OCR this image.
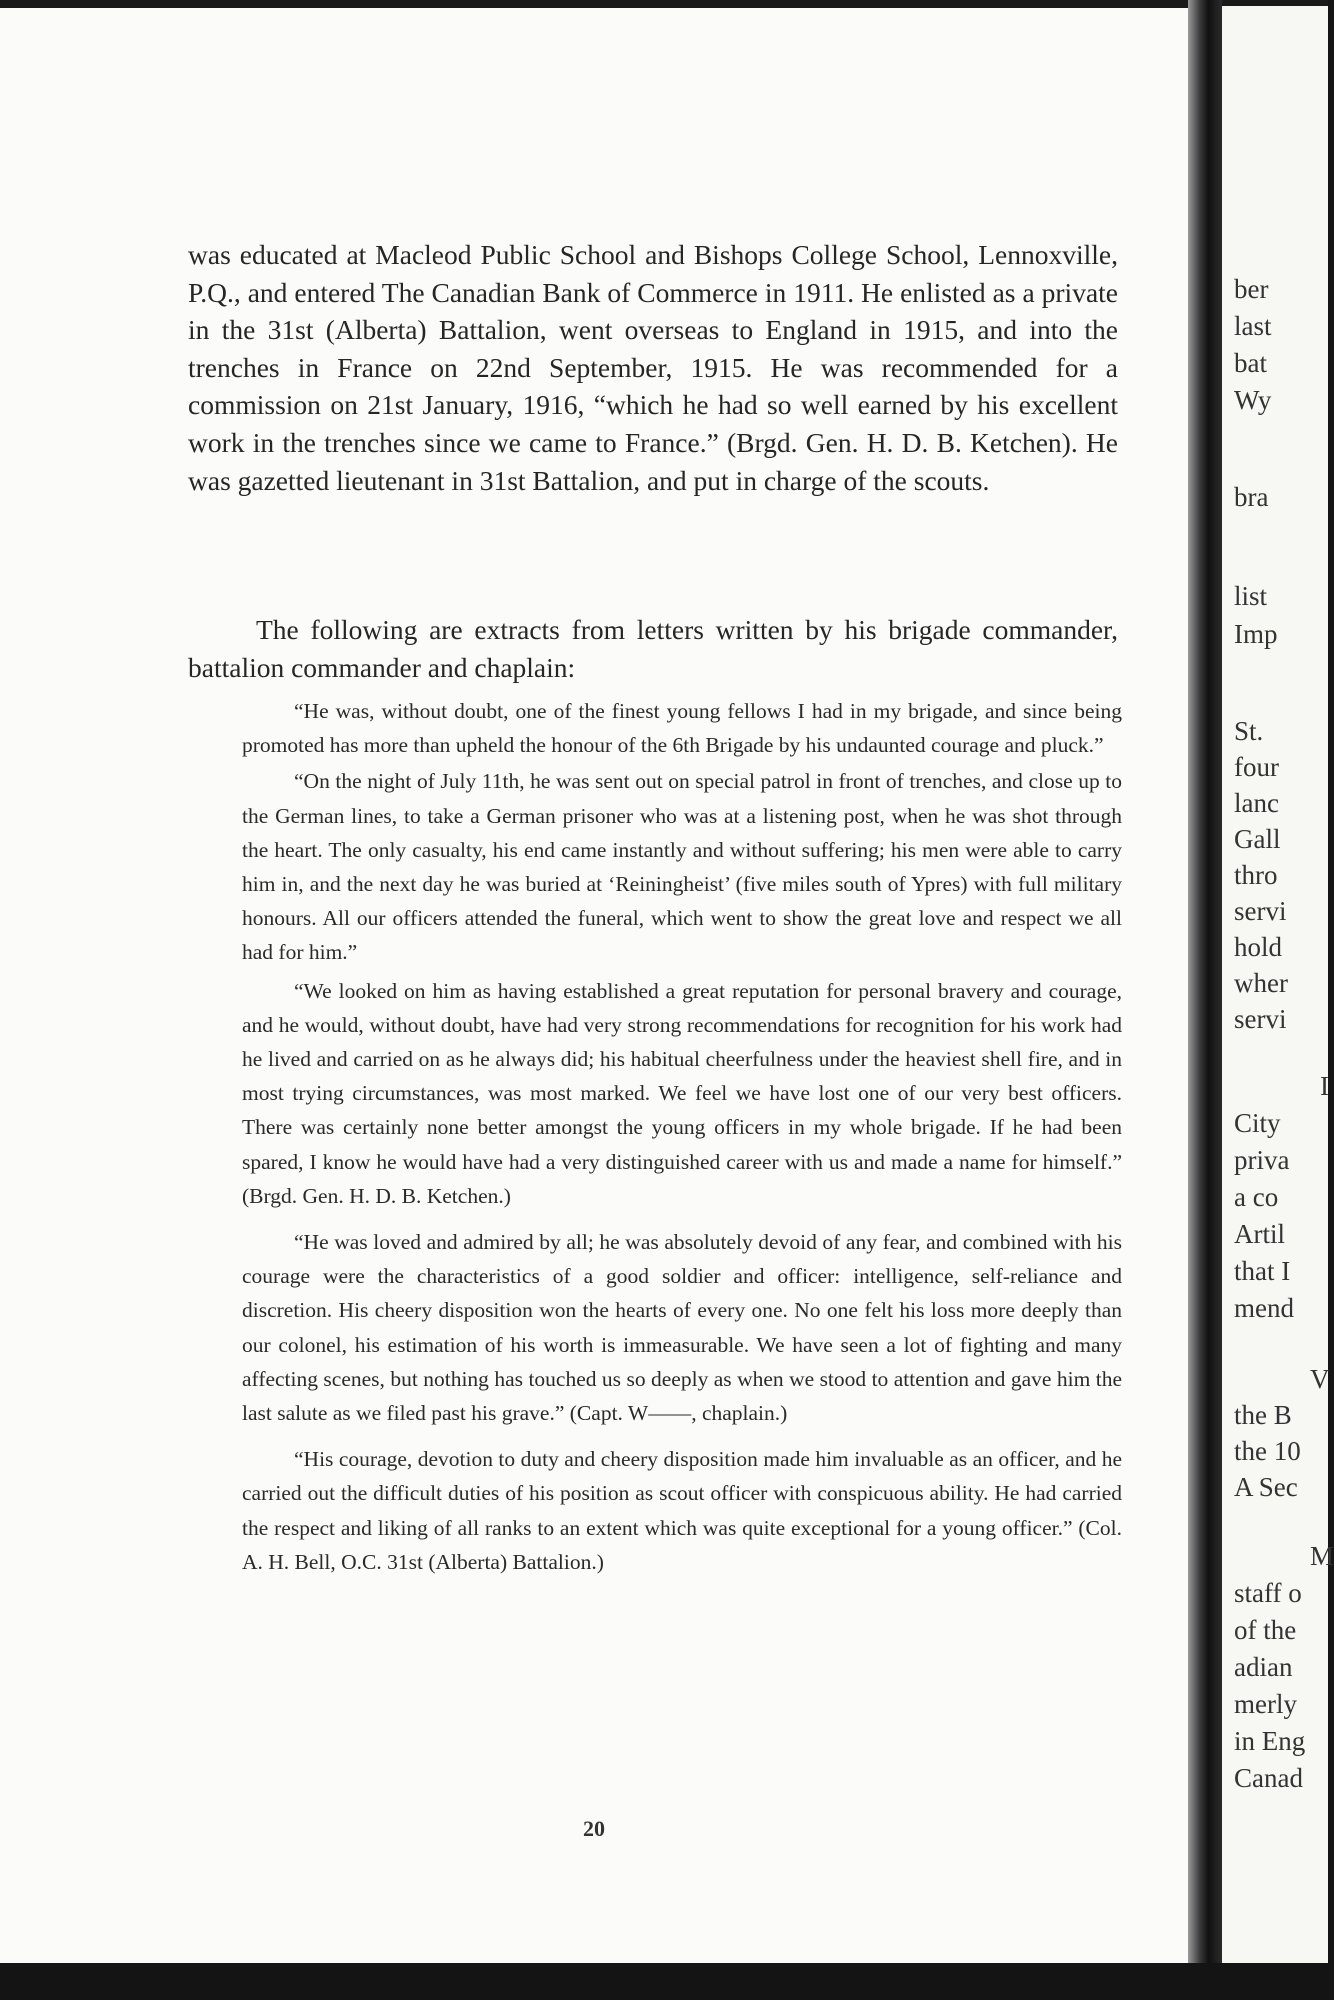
was educated at Macleod Public School and Bishops College School, Lennoxville, P.Q., and entered The Canadian Bank of Commerce in 1911. He enlisted as a private in the 31st (Alberta) Battalion, went overseas to England in 1915, and into the trenches in France on 22nd September, 1915. He was recommended for a commission on 21st January, 1916, “which he had so well earned by his excellent work in the trenches since we came to France.” (Brgd. Gen. H. D. B. Ketchen). He was gazetted lieutenant in 31st Battalion, and put in charge of the scouts.

The following are extracts from letters written by his brigade commander, battalion commander and chaplain:

“He was, without doubt, one of the finest young fellows I had in my brigade, and since being promoted has more than upheld the honour of the 6th Brigade by his undaunted courage and pluck.”

“On the night of July 11th, he was sent out on special patrol in front of trenches, and close up to the German lines, to take a German prisoner who was at a listening post, when he was shot through the heart. The only casualty, his end came instantly and without suffering; his men were able to carry him in, and the next day he was buried at ‘Reiningheist’ (five miles south of Ypres) with full military honours. All our officers attended the funeral, which went to show the great love and respect we all had for him.”

“We looked on him as having established a great reputation for personal bravery and courage, and he would, without doubt, have had very strong recommendations for recognition for his work had he lived and carried on as he always did; his habitual cheerfulness under the heaviest shell fire, and in most trying circumstances, was most marked. We feel we have lost one of our very best officers. There was certainly none better amongst the young officers in my whole brigade. If he had been spared, I know he would have had a very distinguished career with us and made a name for himself.” (Brgd. Gen. H. D. B. Ketchen.)

“He was loved and admired by all; he was absolutely devoid of any fear, and combined with his courage were the characteristics of a good soldier and officer: intelligence, self-reliance and discretion. His cheery disposition won the hearts of every one. No one felt his loss more deeply than our colonel, his estimation of his worth is immeasurable. We have seen a lot of fighting and many affecting scenes, but nothing has touched us so deeply as when we stood to attention and gave him the last salute as we filed past his grave.” (Capt. W——, chaplain.)

“His courage, devotion to duty and cheery disposition made him invaluable as an officer, and he carried out the difficult duties of his position as scout officer with conspicuous ability. He had carried the respect and liking of all ranks to an extent which was quite exceptional for a young officer.” (Col. A. H. Bell, O.C. 31st (Alberta) Battalion.)

20
ber
last
bat
Wy
bra
list
Imp
St.
four
lanc
Gall
thro
servi
hold
wher
servi
I
City
priva
a co
Artil
that I
mend
V
the B
the 10
A Sec
M
staff o
of the
adian
merly
in Eng
Canad
